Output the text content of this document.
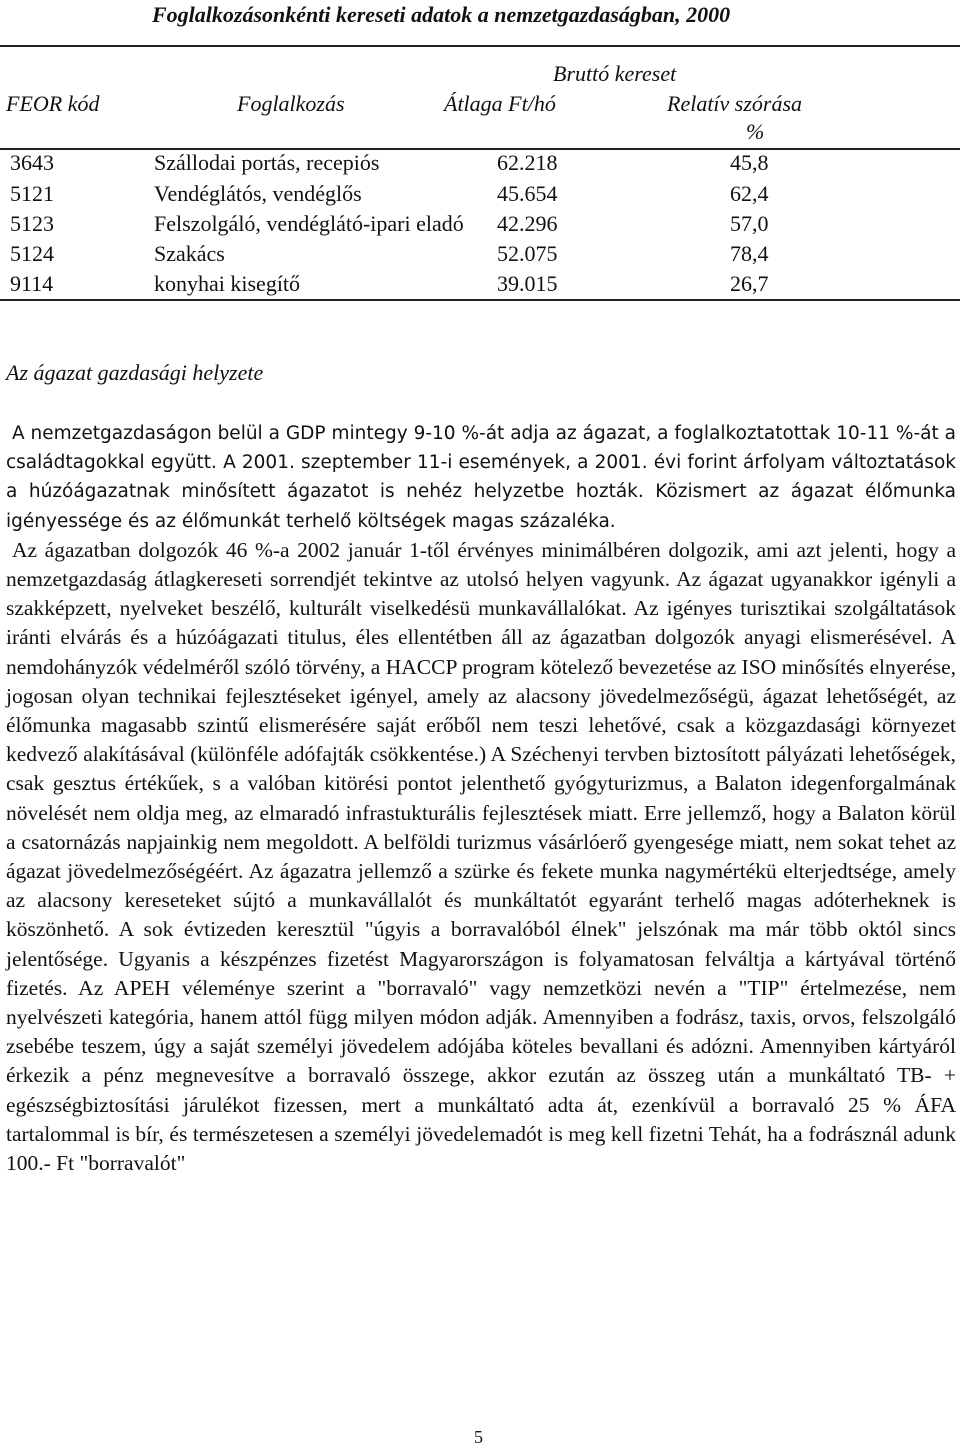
Foglalkozásonkénti kereseti adatok a nemzetgazdaságban, 2000
Bruttó kereset
FEOR kód	Foglalkozás	Átlaga Ft/hó	Relatív szórása
%
3643	Szállodai portás, recepiós	62.218	45,8
5121	Vendéglátós, vendéglős	45.654	62,4
5123	Felszolgáló, vendéglátó-ipari eladó 42.296	57,0
5124	Szakács	52.075	78,4
9114	konyhai kisegítő	39.015	26,7
Az ágazat gazdasági helyzete

A nemzetgazdaságon belül a GDP mintegy 9-10 %-át adja az ágazat, a foglalkoztatottak 10-11 %-át a családtagokkal együtt. A 2001. szeptember 11-i események, a 2001. évi forint árfolyam változtatások a húzóágazatnak minősített ágazatot is nehéz helyzetbe hozták. Közismert az ágazat élőmunka igényessége és az élőmunkát terhelő költségek magas százaléka.

Az ágazatban dolgozók 46 %-a 2002 január 1-től érvényes minimálbéren dolgozik, ami azt jelenti, hogy a nemzetgazdaság átlagkereseti sorrendjét tekintve az utolsó helyen vagyunk. Az ágazat ugyanakkor igényli a szakképzett, nyelveket beszélő, kulturált viselkedésü munkavállalókat. Az igényes turisztikai szolgáltatások iránti elvárás és a húzóágazati titulus, éles ellentétben áll az ágazatban dolgozók anyagi elismerésével. A nemdohányzók védelméről szóló törvény, a HACCP program kötelező bevezetése az ISO minősítés elnyerése, jogosan olyan technikai fejlesztéseket igényel, amely az alacsony jövedelmezőségü, ágazat lehetőségét, az élőmunka magasabb szintű elismerésére saját erőből nem teszi lehetővé, csak a közgazdasági környezet kedvező alakításával (különféle adófajták csökkentése.) A Széchenyi tervben biztosított pályázati lehetőségek, csak gesztus értékűek, s a valóban kitörési pontot jelenthető gyógyturizmus, a Balaton idegenforgalmának növelését nem oldja meg, az elmaradó infrastukturális fejlesztések miatt. Erre jellemző, hogy a Balaton körül a csatornázás napjainkig nem megoldott. A belföldi turizmus vásárlóerő gyengesége miatt, nem sokat tehet az ágazat jövedelmezőségéért. Az ágazatra jellemző a szürke és fekete munka nagymértékü elterjedtsége, amely az alacsony kereseteket sújtó a munkavállalót és munkáltatót egyaránt terhelő magas adóterheknek is köszönhető. A sok évtizeden keresztül "úgyis a borravalóból élnek" jelszónak ma már több októl sincs jelentősége. Ugyanis a készpénzes fizetést Magyarországon is folyamatosan felváltja a kártyával történő fizetés. Az APEH véleménye szerint a "borravaló" vagy nemzetközi nevén a "TIP" értelmezése, nem nyelvészeti kategória, hanem attól függ milyen módon adják. Amennyiben a fodrász, taxis, orvos, felszolgáló zsebébe teszem, úgy a saját személyi jövedelem adójába köteles bevallani és adózni. Amennyiben kártyáról érkezik a pénz megnevesítve a borravaló összege, akkor ezután az összeg után a munkáltató TB- + egészségbiztosítási járulékot fizessen, mert a munkáltató adta át, ezenkívül a borravaló 25 % ÁFA tartalommal is bír, és természetesen a személyi jövedelemadót is meg kell fizetni Tehát, ha a fodrásznál adunk 100.- Ft "borravalót"

5
